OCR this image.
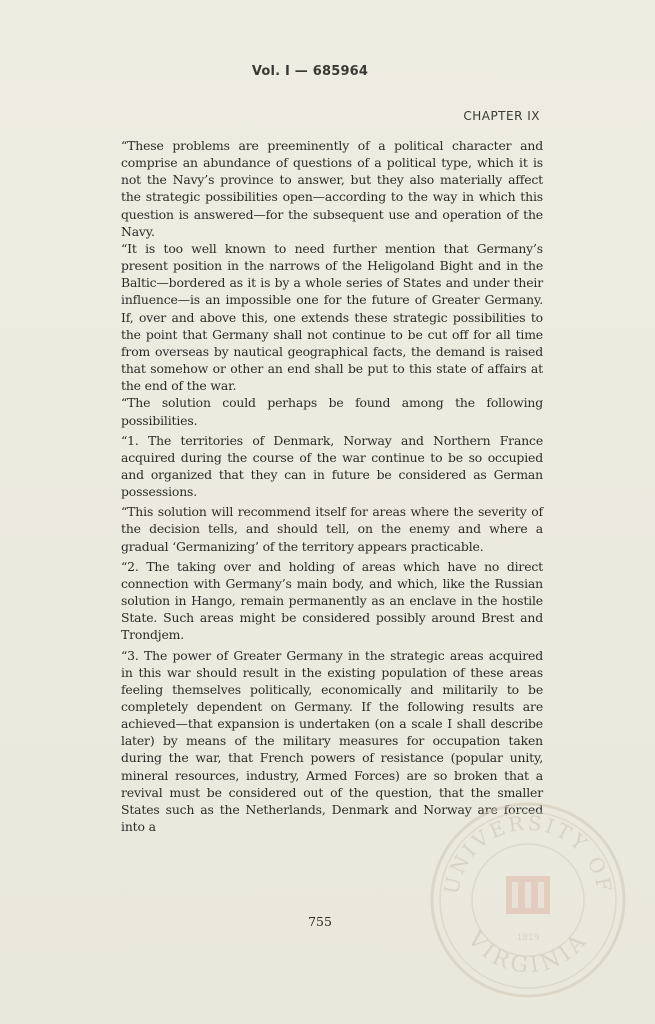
Vol. I — 685964
CHAPTER IX

“These problems are preeminently of a political character and comprise an abundance of questions of a political type, which it is not the Navy’s province to answer, but they also materially affect the strategic possibilities open—according to the way in which this question is answered—for the subsequent use and operation of the Navy.

“It is too well known to need further mention that Germany’s present position in the narrows of the Heligoland Bight and in the Baltic—bordered as it is by a whole series of States and under their influence—is an impossible one for the future of Greater Germany. If, over and above this, one extends these strategic possibilities to the point that Germany shall not continue to be cut off for all time from overseas by nautical geographical facts, the demand is raised that somehow or other an end shall be put to this state of affairs at the end of the war.

“The solution could perhaps be found among the following possibilities.

“1. The territories of Denmark, Norway and Northern France acquired during the course of the war continue to be so occupied and organized that they can in future be considered as German possessions.

“This solution will recommend itself for areas where the severity of the decision tells, and should tell, on the enemy and where a gradual ‘Germanizing’ of the territory appears practicable.

“2. The taking over and holding of areas which have no direct connection with Germany’s main body, and which, like the Russian solution in Hango, remain permanently as an enclave in the hostile State. Such areas might be considered possibly around Brest and Trondjem.

“3. The power of Greater Germany in the strategic areas acquired in this war should result in the existing population of these areas feeling themselves politically, economically and militarily to be completely dependent on Germany. If the following results are achieved—that expansion is undertaken (on a scale I shall describe later) by means of the military measures for occupation taken during the war, that French powers of resistance (popular unity, mineral resources, industry, Armed Forces) are so broken that a revival must be considered out of the question, that the smaller States such as the Netherlands, Denmark and Norway are forced into a

755
UNIVERSITY OF
VIRGINIA
1819
